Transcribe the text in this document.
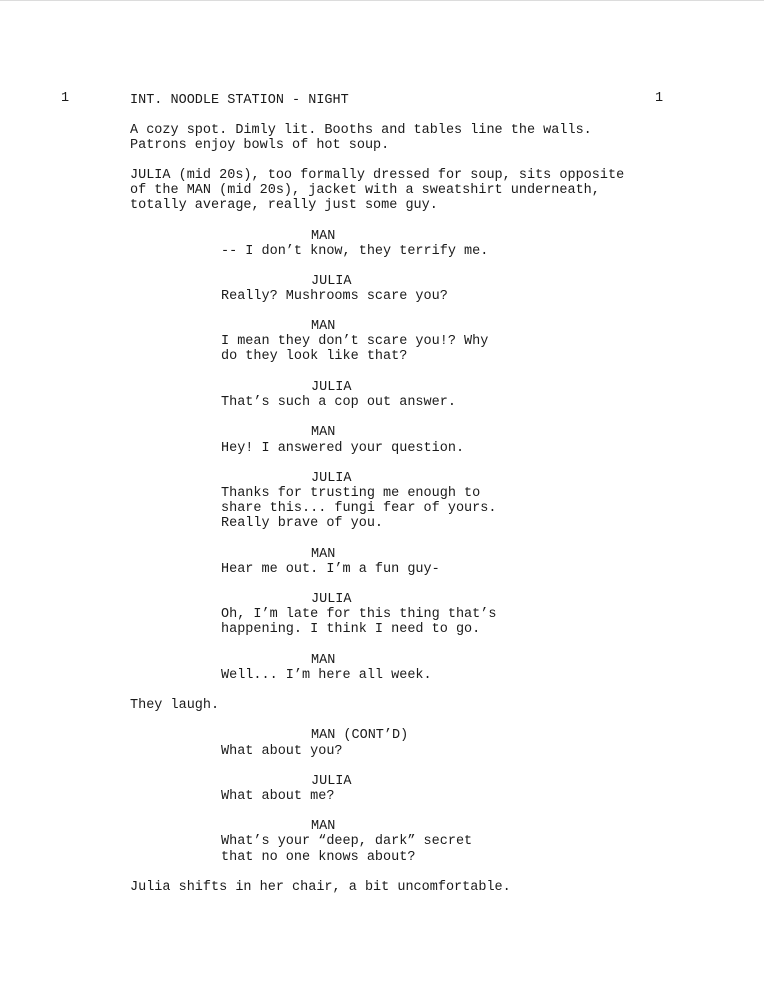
1	1
INT. NOODLE STATION - NIGHT
A cozy spot. Dimly lit. Booths and tables line the walls.
Patrons enjoy bowls of hot soup.
JULIA (mid 20s), too formally dressed for soup, sits opposite
of the MAN (mid 20s), jacket with a sweatshirt underneath,
totally average, really just some guy.
MAN
-- I don’t know, they terrify me.
JULIA
Really? Mushrooms scare you?
MAN
I mean they don’t scare you!? Why
do they look like that?
JULIA
That’s such a cop out answer.
MAN
Hey! I answered your question.
JULIA
Thanks for trusting me enough to
share this... fungi fear of yours.
Really brave of you.
MAN
Hear me out. I’m a fun guy-
JULIA
Oh, I’m late for this thing that’s
happening. I think I need to go.
MAN
Well... I’m here all week.
They laugh.
MAN (CONT’D)
What about you?
JULIA
What about me?
MAN
What’s your “deep, dark” secret
that no one knows about?
Julia shifts in her chair, a bit uncomfortable.
